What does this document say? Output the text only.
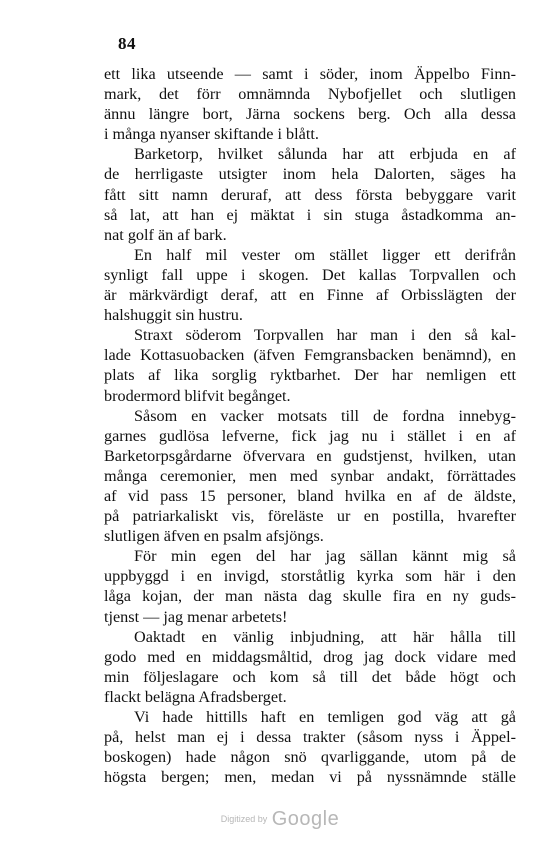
84
ett lika utseende — samt i söder, inom Äppelbo Finn-
mark, det förr omnämnda Nybofjellet och slutligen
ännu längre bort, Järna sockens berg. Och alla dessa
i många nyanser skiftande i blått.
Barketorp, hvilket sålunda har att erbjuda en af
de herrligaste utsigter inom hela Dalorten, säges ha
fått sitt namn deruraf, att dess första bebyggare varit
så lat, att han ej mäktat i sin stuga åstadkomma an-
nat golf än af bark.
En half mil vester om stället ligger ett derifrån
synligt fall uppe i skogen. Det kallas Torpvallen och
är märkvärdigt deraf, att en Finne af Orbisslägten der
halshuggit sin hustru.
Straxt söderom Torpvallen har man i den så kal-
lade Kottasuobacken (äfven Femgransbacken benämnd), en
plats af lika sorglig ryktbarhet. Der har nemligen ett
brodermord blifvit begånget.
Såsom en vacker motsats till de fordna innebyg-
garnes gudlösa lefverne, fick jag nu i stället i en af
Barketorpsgårdarne öfvervara en gudstjenst, hvilken, utan
många ceremonier, men med synbar andakt, förrättades
af vid pass 15 personer, bland hvilka en af de äldste,
på patriarkaliskt vis, föreläste ur en postilla, hvarefter
slutligen äfven en psalm afsjöngs.
För min egen del har jag sällan kännt mig så
uppbyggd i en invigd, storståtlig kyrka som här i den
låga kojan, der man nästa dag skulle fira en ny guds-
tjenst — jag menar arbetets!
Oaktadt en vänlig inbjudning, att här hålla till
godo med en middagsmåltid, drog jag dock vidare med
min följeslagare och kom så till det både högt och
flackt belägna Afradsberget.
Vi hade hittills haft en temligen god väg att gå
på, helst man ej i dessa trakter (såsom nyss i Äppel-
boskogen) hade någon snö qvarliggande, utom på de
högsta bergen; men, medan vi på nyssnämnde ställe
Digitized by Google
